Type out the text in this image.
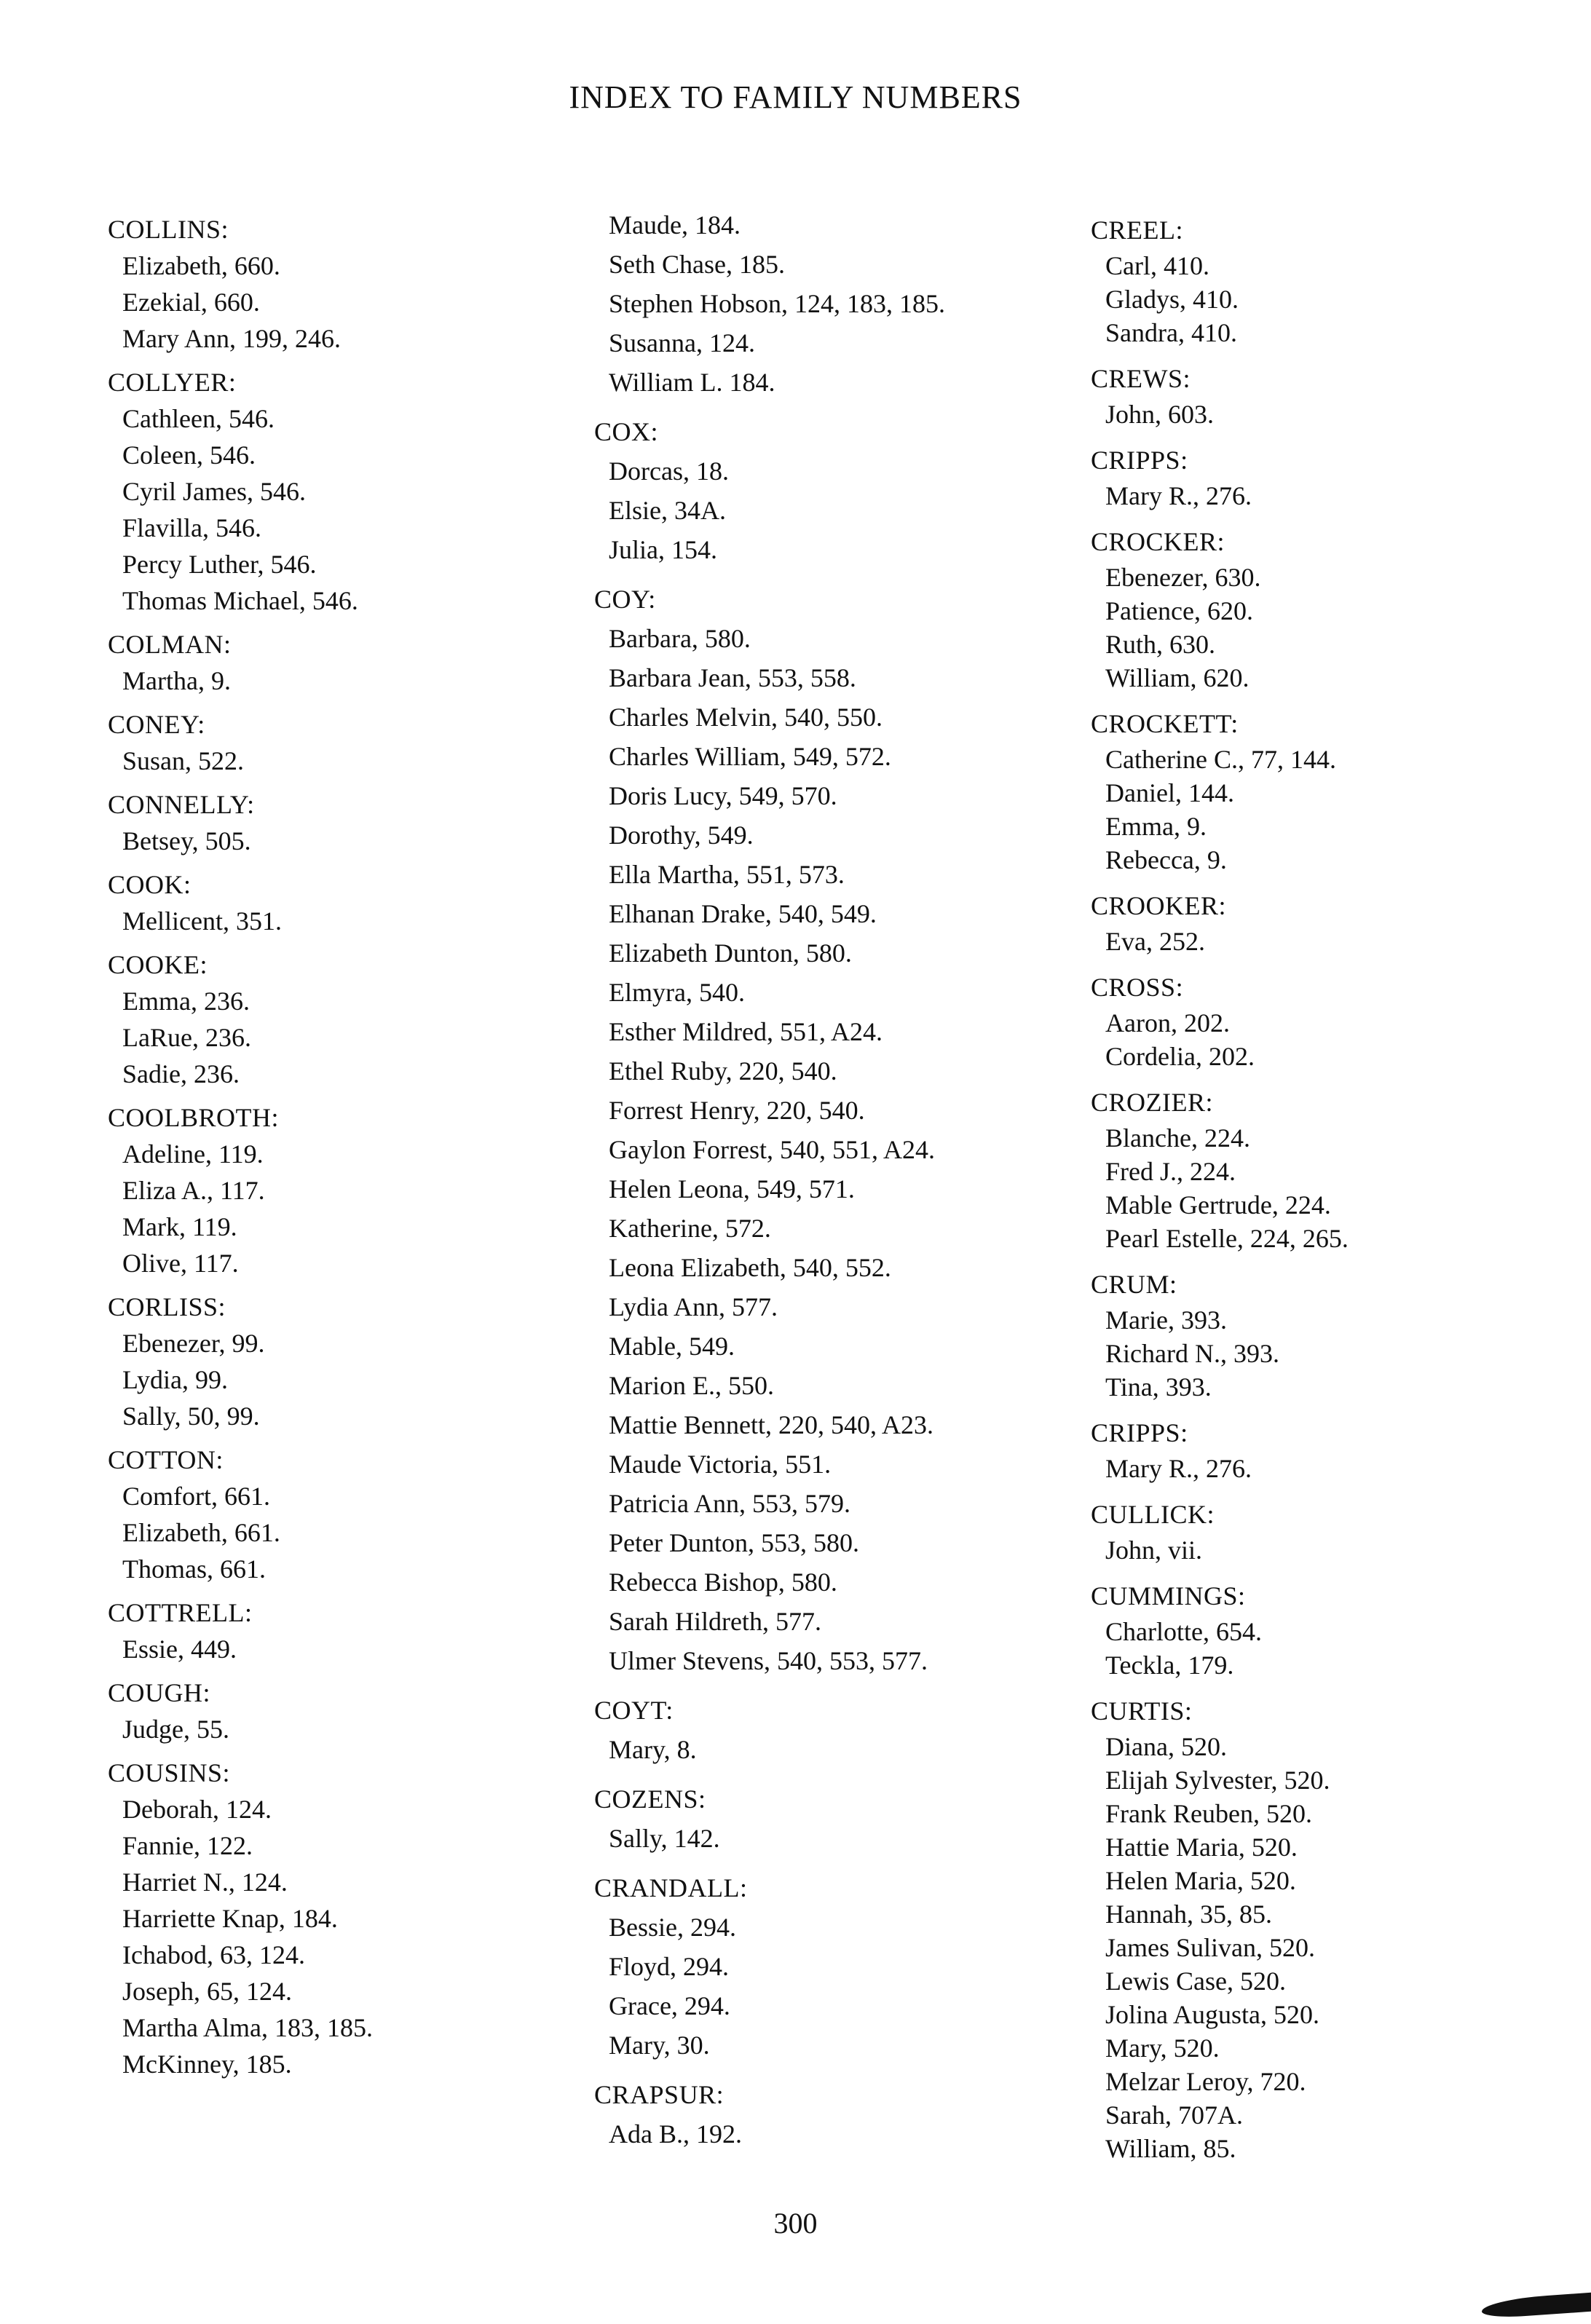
INDEX TO FAMILY NUMBERS
COLLINS:
Elizabeth, 660.
Ezekial, 660.
Mary Ann, 199, 246.
COLLYER:
Cathleen, 546.
Coleen, 546.
Cyril James, 546.
Flavilla, 546.
Percy Luther, 546.
Thomas Michael, 546.
COLMAN:
Martha, 9.
CONEY:
Susan, 522.
CONNELLY:
Betsey, 505.
COOK:
Mellicent, 351.
COOKE:
Emma, 236.
LaRue, 236.
Sadie, 236.
COOLBROTH:
Adeline, 119.
Eliza A., 117.
Mark, 119.
Olive, 117.
CORLISS:
Ebenezer, 99.
Lydia, 99.
Sally, 50, 99.
COTTON:
Comfort, 661.
Elizabeth, 661.
Thomas, 661.
COTTRELL:
Essie, 449.
COUGH:
Judge, 55.
COUSINS:
Deborah, 124.
Fannie, 122.
Harriet N., 124.
Harriette Knap, 184.
Ichabod, 63, 124.
Joseph, 65, 124.
Martha Alma, 183, 185.
McKinney, 185.
Maude, 184.
Seth Chase, 185.
Stephen Hobson, 124, 183, 185.
Susanna, 124.
William L. 184.
COX:
Dorcas, 18.
Elsie, 34A.
Julia, 154.
COY:
Barbara, 580.
Barbara Jean, 553, 558.
Charles Melvin, 540, 550.
Charles William, 549, 572.
Doris Lucy, 549, 570.
Dorothy, 549.
Ella Martha, 551, 573.
Elhanan Drake, 540, 549.
Elizabeth Dunton, 580.
Elmyra, 540.
Esther Mildred, 551, A24.
Ethel Ruby, 220, 540.
Forrest Henry, 220, 540.
Gaylon Forrest, 540, 551, A24.
Helen Leona, 549, 571.
Katherine, 572.
Leona Elizabeth, 540, 552.
Lydia Ann, 577.
Mable, 549.
Marion E., 550.
Mattie Bennett, 220, 540, A23.
Maude Victoria, 551.
Patricia Ann, 553, 579.
Peter Dunton, 553, 580.
Rebecca Bishop, 580.
Sarah Hildreth, 577.
Ulmer Stevens, 540, 553, 577.
COYT:
Mary, 8.
COZENS:
Sally, 142.
CRANDALL:
Bessie, 294.
Floyd, 294.
Grace, 294.
Mary, 30.
CRAPSUR:
Ada B., 192.
CREEL:
Carl, 410.
Gladys, 410.
Sandra, 410.
CREWS:
John, 603.
CRIPPS:
Mary R., 276.
CROCKER:
Ebenezer, 630.
Patience, 620.
Ruth, 630.
William, 620.
CROCKETT:
Catherine C., 77, 144.
Daniel, 144.
Emma, 9.
Rebecca, 9.
CROOKER:
Eva, 252.
CROSS:
Aaron, 202.
Cordelia, 202.
CROZIER:
Blanche, 224.
Fred J., 224.
Mable Gertrude, 224.
Pearl Estelle, 224, 265.
CRUM:
Marie, 393.
Richard N., 393.
Tina, 393.
CRIPPS:
Mary R., 276.
CULLICK:
John, vii.
CUMMINGS:
Charlotte, 654.
Teckla, 179.
CURTIS:
Diana, 520.
Elijah Sylvester, 520.
Frank Reuben, 520.
Hattie Maria, 520.
Helen Maria, 520.
Hannah, 35, 85.
James Sulivan, 520.
Lewis Case, 520.
Jolina Augusta, 520.
Mary, 520.
Melzar Leroy, 720.
Sarah, 707A.
William, 85.
300
